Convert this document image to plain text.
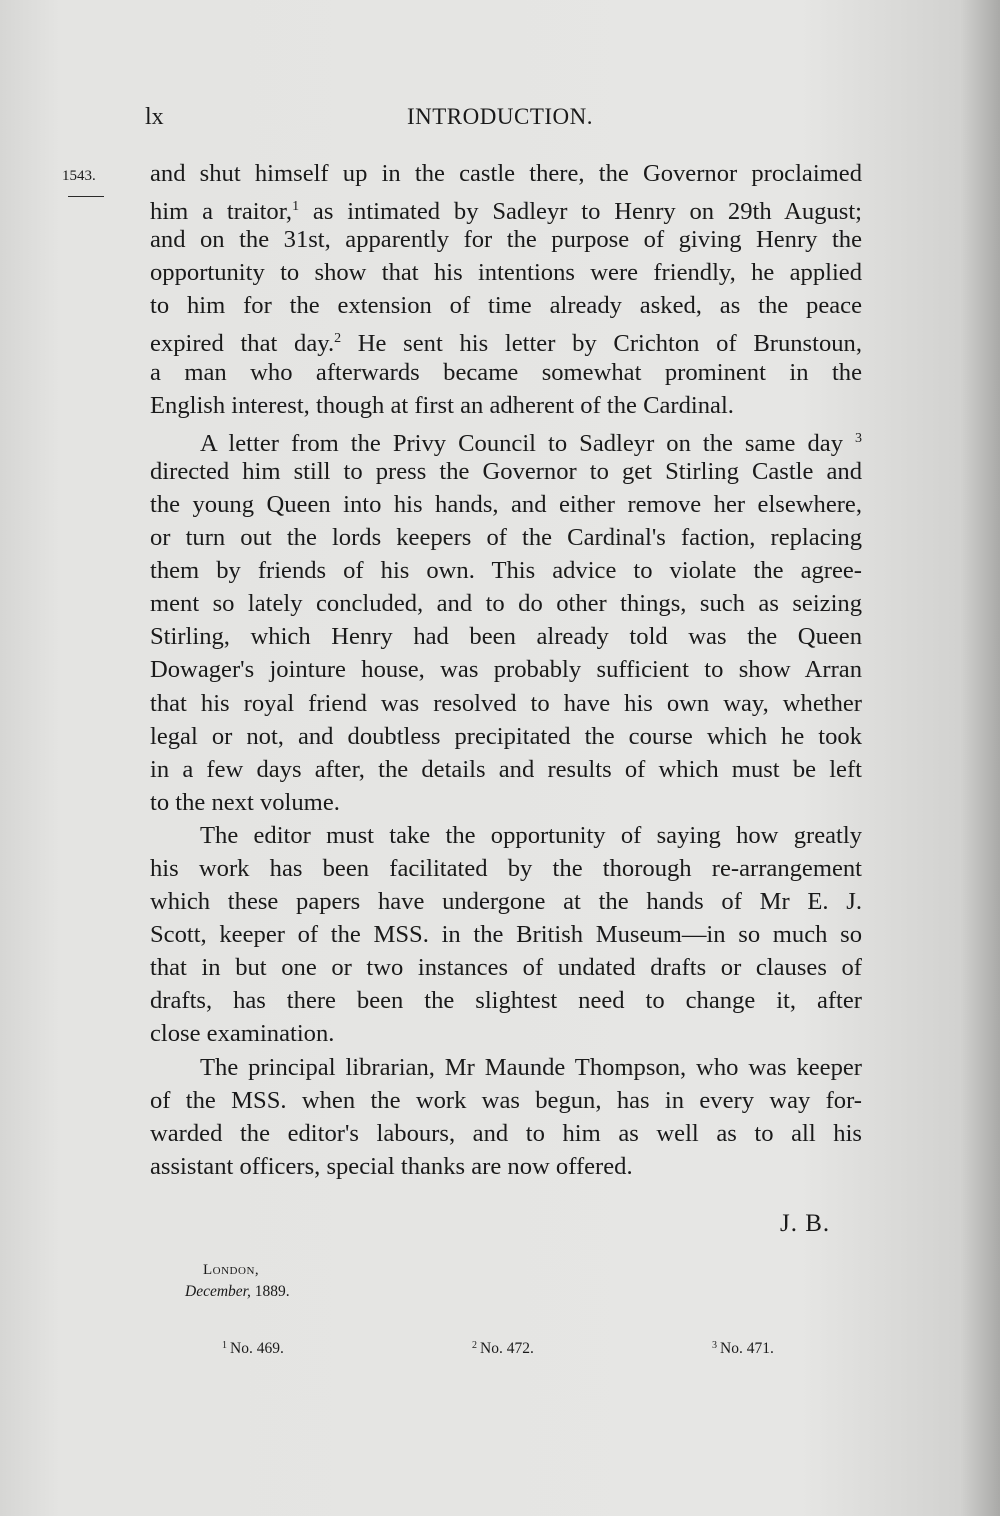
lx	INTRODUCTION.
1543. and shut himself up in the castle there, the Governor proclaimed
him a traitor,$^1$ as intimated by Sadleyr to Henry on 29th August;
and on the 31st, apparently for the purpose of giving Henry the
opportunity to show that his intentions were friendly, he applied
to him for the extension of time already asked, as the peace
expired that day.$^2$ He sent his letter by Crichton of Brunstoun,
a man who afterwards became somewhat prominent in the
English interest, though at first an adherent of the Cardinal.
A letter from the Privy Council to Sadleyr on the same day $^3$
directed him still to press the Governor to get Stirling Castle and
the young Queen into his hands, and either remove her elsewhere,
or turn out the lords keepers of the Cardinal's faction, replacing
them by friends of his own. This advice to violate the agree-
ment so lately concluded, and to do other things, such as seizing
Stirling, which Henry had been already told was the Queen
Dowager's jointure house, was probably sufficient to show Arran
that his royal friend was resolved to have his own way, whether
legal or not, and doubtless precipitated the course which he took
in a few days after, the details and results of which must be left
to the next volume.
The editor must take the opportunity of saying how greatly
his work has been facilitated by the thorough re-arrangement
which these papers have undergone at the hands of Mr E. J.
Scott, keeper of the MSS. in the British Museum—in so much so
that in but one or two instances of undated drafts or clauses of
drafts, has there been the slightest need to change it, after
close examination.
The principal librarian, Mr Maunde Thompson, who was keeper
of the MSS. when the work was begun, has in every way for-
warded the editor's labours, and to him as well as to all his
assistant officers, special thanks are now offered.
J. B.
London,
December, 1889.
$^1$ No. 469.	$^2$ No. 472.	$^3$ No. 471.
